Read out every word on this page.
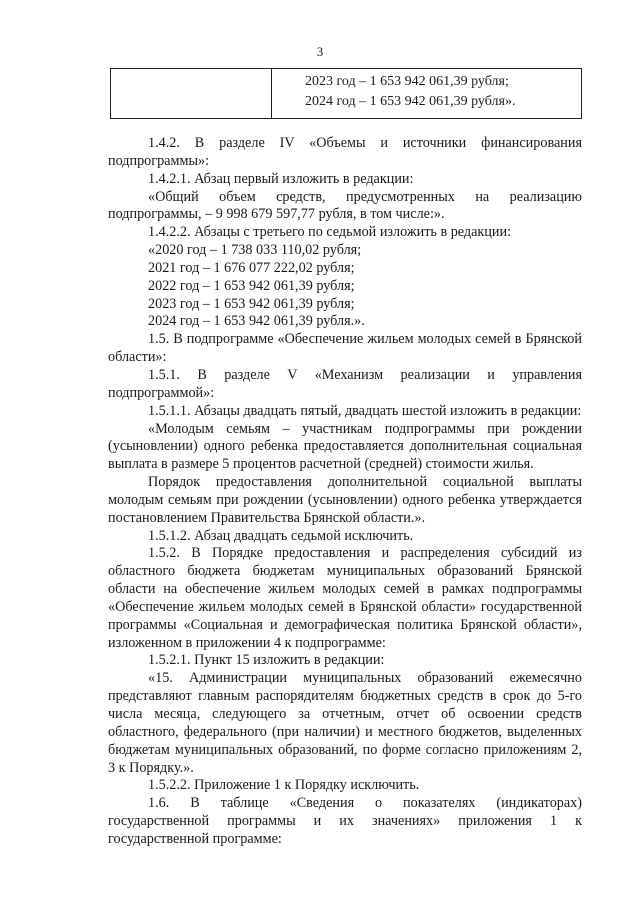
3

2023 год – 1 653 942 061,39 рубля;
2024 год – 1 653 942 061,39 рубля».

1.4.2. В разделе IV «Объемы и источники финансирования подпрограммы»:

1.4.2.1. Абзац первый изложить в редакции:

«Общий объем средств, предусмотренных на реализацию подпрограммы, – 9 998 679 597,77 рубля, в том числе:».

1.4.2.2. Абзацы с третьего по седьмой изложить в редакции:

«2020 год – 1 738 033 110,02 рубля;

2021 год – 1 676 077 222,02 рубля;

2022 год – 1 653 942 061,39 рубля;

2023 год – 1 653 942 061,39 рубля;

2024 год – 1 653 942 061,39 рубля.».

1.5. В подпрограмме «Обеспечение жильем молодых семей в Брянской области»:

1.5.1. В разделе V «Механизм реализации и управления подпрограммой»:

1.5.1.1. Абзацы двадцать пятый, двадцать шестой изложить в редакции:

«Молодым семьям – участникам подпрограммы при рождении (усыновлении) одного ребенка предоставляется дополнительная социальная выплата в размере 5 процентов расчетной (средней) стоимости жилья.

Порядок предоставления дополнительной социальной выплаты молодым семьям при рождении (усыновлении) одного ребенка утверждается постановлением Правительства Брянской области.».

1.5.1.2. Абзац двадцать седьмой исключить.

1.5.2. В Порядке предоставления и распределения субсидий из областного бюджета бюджетам муниципальных образований Брянской области на обеспечение жильем молодых семей в рамках подпрограммы «Обеспечение жильем молодых семей в Брянской области» государственной программы «Социальная и демографическая политика Брянской области», изложенном в приложении 4 к подпрограмме:

1.5.2.1. Пункт 15 изложить в редакции:

«15. Администрации муниципальных образований ежемесячно представляют главным распорядителям бюджетных средств в срок до 5-го числа месяца, следующего за отчетным, отчет об освоении средств областного, федерального (при наличии) и местного бюджетов, выделенных бюджетам муниципальных образований, по форме согласно приложениям 2, 3 к Порядку.».

1.5.2.2. Приложение 1 к Порядку исключить.

1.6. В таблице «Сведения о показателях (индикаторах) государственной программы и их значениях» приложения 1 к государственной программе:
